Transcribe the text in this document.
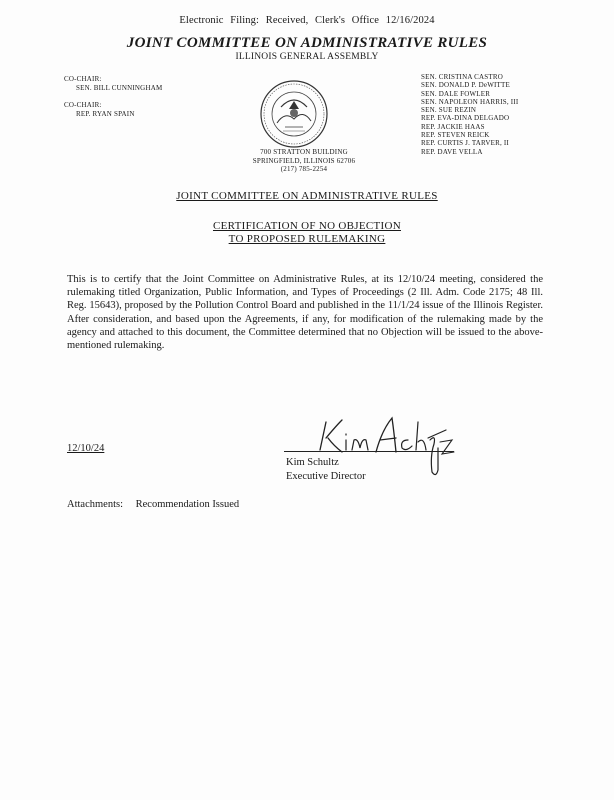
Electronic Filing: Received, Clerk's Office 12/16/2024
JOINT COMMITTEE ON ADMINISTRATIVE RULES
ILLINOIS GENERAL ASSEMBLY
CO-CHAIR:
SEN. BILL CUNNINGHAM
CO-CHAIR:
REP. RYAN SPAIN
SEN. CRISTINA CASTRO
SEN. DONALD P. DeWITTE
SEN. DALE FOWLER
SEN. NAPOLEON HARRIS, III
SEN. SUE REZIN
REP. EVA-DINA DELGADO
REP. JACKIE HAAS
REP. STEVEN REICK
REP. CURTIS J. TARVER, II
REP. DAVE VELLA
700 STRATTON BUILDING
SPRINGFIELD, ILLINOIS 62706
(217) 785-2254
JOINT COMMITTEE ON ADMINISTRATIVE RULES
CERTIFICATION OF NO OBJECTION
TO PROPOSED RULEMAKING
This is to certify that the Joint Committee on Administrative Rules, at its 12/10/24 meeting, considered the rulemaking titled Organization, Public Information, and Types of Proceedings (2 Ill. Adm. Code 2175; 48 Ill. Reg. 15643), proposed by the Pollution Control Board and published in the 11/1/24 issue of the Illinois Register. After consideration, and based upon the Agreements, if any, for modification of the rulemaking made by the agency and attached to this document, the Committee determined that no Objection will be issued to the above-mentioned rulemaking.
12/10/24
Kim Schultz
Executive Director
Attachments: Recommendation Issued
